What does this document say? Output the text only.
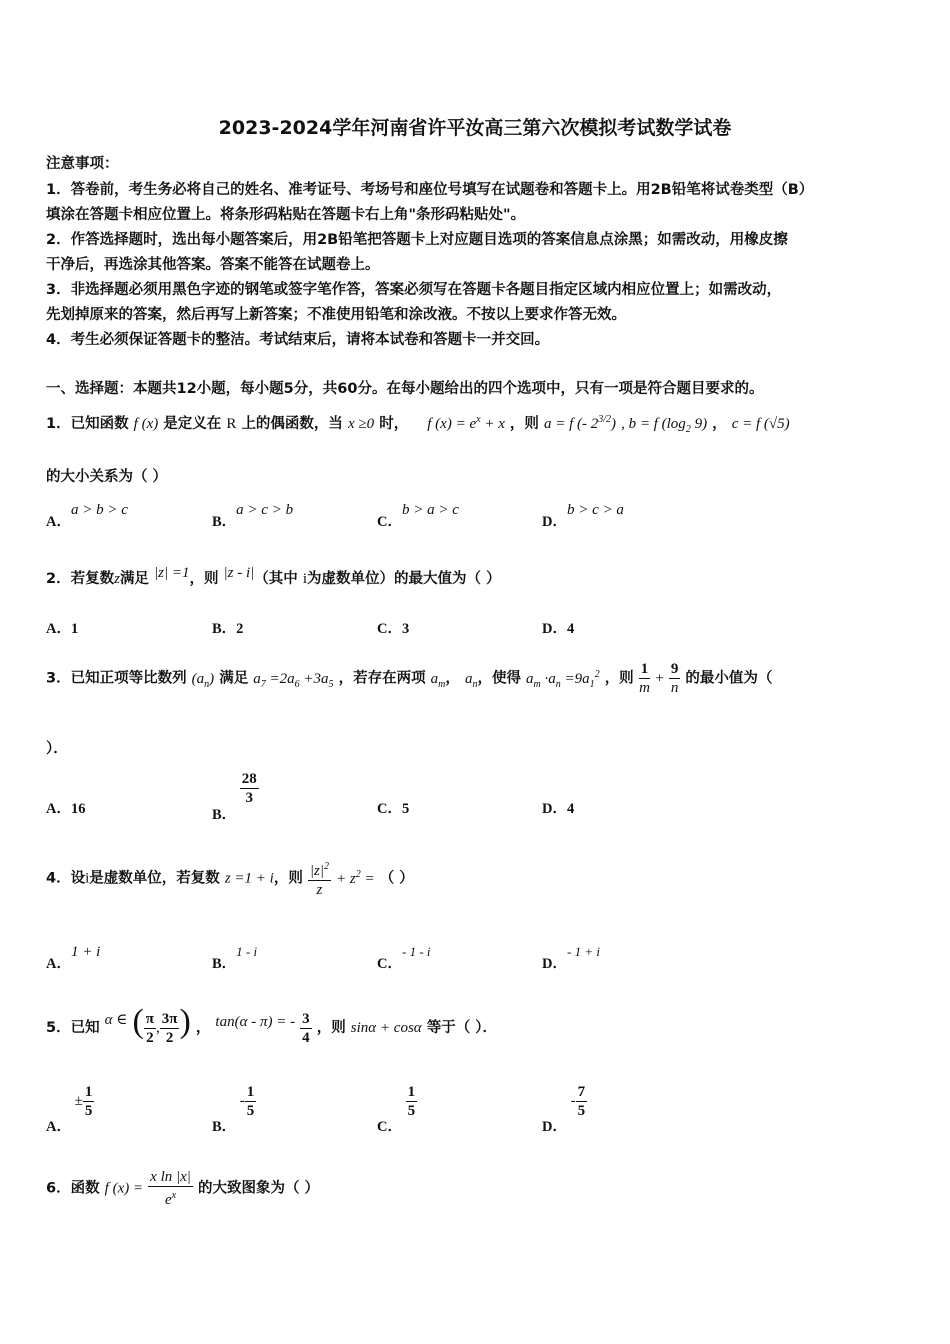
2023-2024学年河南省许平汝高三第六次模拟考试数学试卷
注意事项：
1．答卷前，考生务必将自己的姓名、准考证号、考场号和座位号填写在试题卷和答题卡上。用2B铅笔将试卷类型（B）
填涂在答题卡相应位置上。将条形码粘贴在答题卡右上角"条形码粘贴处"。
2．作答选择题时，选出每小题答案后，用2B铅笔把答题卡上对应题目选项的答案信息点涂黑；如需改动，用橡皮擦
干净后，再选涂其他答案。答案不能答在试题卷上。
3．非选择题必须用黑色字迹的钢笔或签字笔作答，答案必须写在答题卡各题目指定区域内相应位置上；如需改动，
先划掉原来的答案，然后再写上新答案；不准使用铅笔和涂改液。不按以上要求作答无效。
4．考生必须保证答题卡的整洁。考试结束后，请将本试卷和答题卡一并交回。
一、选择题：本题共12小题，每小题5分，共60分。在每小题给出的四个选项中，只有一项是符合题目要求的。
1．已知函数 f (x) 是定义在 R 上的偶函数，当 x ≥0 时， f $(x) = e^x + x$ ，则 a = f (- $2^{3/2}$) , b = f ($\log_2$ 9) ， c = f (√5)
的大小关系为（ ）
A．a > b > c
B．a > c > b
C．b > a > c
D．b > c > a
2．若复数z满足 |z| =1，则 |z - i|（其中 i为虚数单位）的最大值为（ ）
A．1	B．2	C．3	D．4
3．已知正项等比数列 $(a_n)$ 满足 $a_7 =2a_6 +3a_5$ ，若存在两项 $a_m$， $a_n$，使得 $a_m \cdot a_n =9a_1^2$ ，则 $\frac{1}{m} + \frac{9}{n}$ 的最小值为（
）．
A．16	B．
$\frac{28}{3}$
C．5	D．4
4．设i是虚数单位，若复数 z =1 + i，则 $\frac{|z|^2}{z} + z^2$ = （ ）
A．1 + i
B．1 - i
C．- 1 - i
D．- 1 + i
5．已知 α ∈ ( $\frac{\pi}{2}$ , $\frac{3\pi}{2}$ ) ， tan(α - π) = - $\frac{3}{4}$ ，则 sinα + cosα 等于（ ）．
A． ± $\frac{1}{5}$
B． - $\frac{1}{5}$
C．
$\frac{1}{5}$
D． - $\frac{7}{5}$
6．函数 f $(x) = \frac{\text{x ln |x|}}{e^x}$ 的大致图象为（ ）
